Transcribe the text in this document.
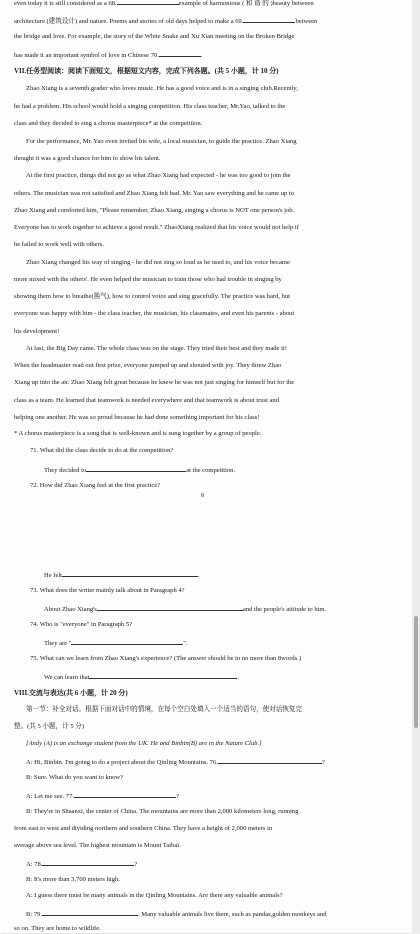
even today it is still considered as a 68.	example of harmonious ( 和 谐 的 )beauty between
architecture (建筑设计) and nature. Poems and stories of old days helped to make a 69.	between
the bridge and love. For example, the story of the White Snake and Xu Xian meeting on the Broken Bridge
has made it an important symbol of love in Chinese 70.	.
VII.任务型阅读：阅读下面短文，根据短文内容，完成下列各题。(共 5 小题，计 10 分)
Zhao Xiang is a seventh grader who loves music. He has a good voice and is in a singing club.Recently,
he had a problem. His school would hold a singing competition. His class teacher, Mr.Yao, talked to the
class and they decided to sing a chorus masterpiece* at the competition.
For the performance, Mr. Yao even invited his wife, a local musician, to guide the practice. Zhao Xiang
thought it was a good chance for him to show his talent.
At the first practice, things did not go as what Zhao Xiang had expected - he was too good to join the
others. The musician was not satisfied and Zhao Xiang felt bad. Mr. Yao saw everything and he came up to
Zhao Xiang and comforted him, "Please remember, Zhao Xiang, singing a chorus is NOT one person's job.
Everyone has to work together to achieve a good result." ZhaoXiang realized that his voice would not help if
he failed to work well with others.
Zhao Xiang changed his way of singing - he did not sing so loud as he used to, and his voice became
more mixed with the others'. He even helped the musician to train those who had trouble in singing by
showing them how to breathe(换气), how to control voice and sing gracefully. The practice was hard, but
everyone was happy with him - the class teacher, the musician, his classmates, and even his parents - about
his development!
At last, the Big Day came. The whole class was on the stage. They tried their best and they made it!
When the headmaster read out first prize, everyone jumped up and shouted with joy. They threw Zhao
Xiang up into the air. Zhao Xiang felt great because he knew he was not just singing for himself but for the
class as a team. He learned that teamwork is needed everywhere and that teamwork is about trust and
helping one another. He was so proud because he had done something important for his class!
* A chorus masterpiece is a song that is well-known and is sung together by a group of people.
71. What did the class decide to do at the competition?
They decided to	at the competition.
72. How did Zhao Xiang feel at the first practice?
8
He felt	.
73. What does the writer mainly talk about in Paragraph 4?
About Zhao Xiang's	and the people's attitude to him.
74. Who is "everyone" in Paragraph 5?
They are "	".
75. What can we learn from Zhao Xiang's experience? (The answer should be in no more than 8words.)
We can learn that	.
VIII.交流与表达(共 6 小题，计 20 分)
第一节：补全对话。根据下面对话中的情境，在每个空白处填入一个适当的语句，使对话恢复完
整。(共 5 小题，计 5 分)
[Andy (A) is an exchange student from the UK. He and Binbin(B) are in the Nature Club.]
A: Hi, Binbin. I'm going to do a project about the Qinling Mountains. 76.	?
B: Sure. What do you want to know?
A: Let me see. 77.	?
B: They're in Shaanxi, the center of China. The mountains are more than 2,000 kilometers long, running
from east to west and dividing northern and southern China. They have a height of 2,000 meters in
average above sea level. The highest mountain is Mount Taibai.
A: 78.	?
B: It's more than 3,700 meters high.
A: I guess there must be many animals in the Qinling Mountains. Are there any valuable animals?
B: 79.	. Many valuable animals live there, such as pandas,golden monkeys and
so on. They are home to wildlife.
